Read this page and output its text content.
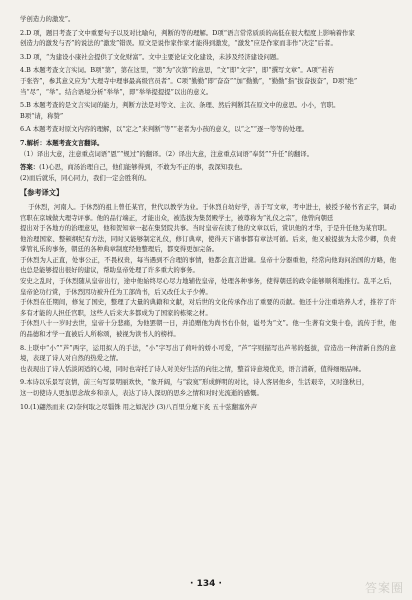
学创造力的激发”。

2.D 项，题目考查了文中重要句子以及对比喻句，判断的等的理解。D项“语言常常质质的高低在很大程度上影响着作家

创造力的激发与否”的说法的“激发”错误。原文是说作家作家才能得到激发，“激发”应是作家而非作“决定”后者。

3.D 项，“为建设小康社会提供了文化财富”。文中主要论证文化建设，未涉及经济建设问题。

4.B 本题考查文言实词。B项“第”，第在这里，“第”为“次第”的意思，“文”即“文字”，即“撰写文章”。A项“若若

于张咨”，参其意义应为“大理寺中理事最高级官员者”。C项“勤勤”即“奋奋”“加”勤勤”，“勤勤”指“拔奋拔奋”，D项“绝”

当“尽”，“举”。结合语境分析“举举”，即“举举提提提”以出的意义。

5.B 本题考查的是文言实词的能力，判断方法是对等文、主次、条理、然后判断其在原文中的意思。小小，官职。

B项“请，称赞”

6.A 本题考查对原文内容的理解，以“定之”来判断“等”“老者为小孩的意义，以“之”“逐一等等的处理。

7.解析：本题考查文言翻译。

（1）译出大意，注意重点词语“恩”“规过”的翻译。（2）译出大意，注意重点词语“奉贤”“升任”的翻译。

答案：(1)心思，商汤治理自己，他们能够得到，不敢为不正的事，我深知我也。

(2)而后就乐，同心同力，我们一定会胜利的。

【参考译文】

于休烈，河南人。于休烈的祖上曾任某官，世代以教学为业。于休烈自幼好学，善于写文章，考中进士，被授予秘书省正字，调动官职在京城做大理寺评事。他的品行端正，才能出众，被选拔为集贤殿学士，被尊称为“礼仪之宗”，他曾向朝廷

提出对于各地方的治理意见，他和贺知章一起在集贤院共事。当时皇帝在读了他的文章以后，赏识他的才华，于是升任他为某官职。

他治理国家、整顿纲纪有方法，同时又能够制定礼仪，修订典章，使得天下诸事都有章法可循。后来，他又被提拔为太常少卿，负责掌管礼乐的事务，朝廷的各种典章制度经他整理后，都变得更加完备。

于休烈为人正直，处事公正，不畏权贵，每当遇到不合理的事情，他都会直言进谏。皇帝十分器重他，经常向他询问治国的方略，他也总是能够提出很好的建议，帮助皇帝处理了许多重大的事务。

安史之乱时，于休烈随从皇帝出行，途中他始终尽心尽力地辅佐皇帝，处理各种事务，使得朝廷的政令能够顺利地推行。乱平之后，皇帝论功行赏，于休烈因功被升任为工部尚书，后又改任太子少傅。

于休烈在任期间，修复了国史，整理了大量的典籍和文献，对后世的文化传承作出了重要的贡献。他还十分注重培养人才，推荐了许多有才能的人担任官职，这些人后来大多都成为了国家的栋梁之材。

于休烈八十一岁时去世，皇帝十分悲痛，为他罢朝一日，并追赠他为尚书右仆射，谥号为“文”。他一生著有文集十卷，流传于世，他的品德和才学一直被后人所称颂，被视为读书人的榜样。

8.上联中“小”“芦”两字，运用拟人的手法，“小”字写出了荷叶的娇小可爱，“芦”字则描写出芦苇的挺拔，营造出一种清新自然的意境，表现了诗人对自然的热爱之情。

也表现出了诗人恬淡闲适的心境，同时也寄托了诗人对美好生活的向往之情，整首诗意境优美，语言清新，值得细细品味。

9.本诗以乐景写哀情，前三句写景明丽欢快，“象开阔，与“寂寞”形成鲜明的对比，诗人客居他乡，生活艰辛，又时逢秋日，

这一切使诗人更加思念故乡和亲人，表达了诗人深切的思乡之情和对时光流逝的感慨。

10.(1)翩然而来 (2)奈何取之尽锱铢 用之如泥沙 (3)八百里分麾下炙 五十弦翻塞外声

· 134 ·	答案圈
